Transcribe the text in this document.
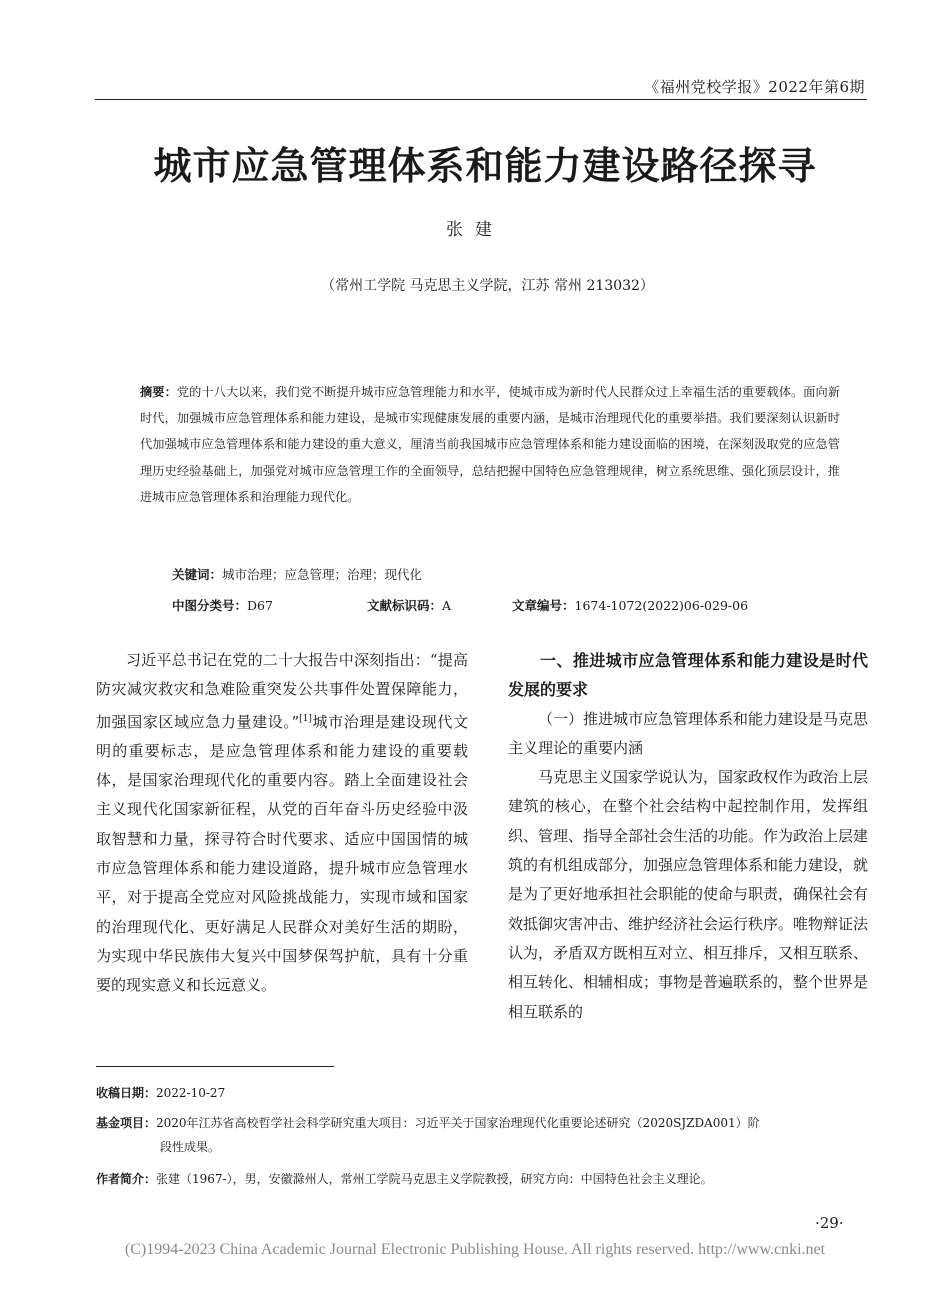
《福州党校学报》2022年第6期
城市应急管理体系和能力建设路径探寻
张建
（常州工学院 马克思主义学院，江苏 常州 213032）
摘要：党的十八大以来，我们党不断提升城市应急管理能力和水平，使城市成为新时代人民群众过上幸福生活的重要载体。面向新时代，加强城市应急管理体系和能力建设，是城市实现健康发展的重要内涵，是城市治理现代化的重要举措。我们要深刻认识新时代加强城市应急管理体系和能力建设的重大意义，厘清当前我国城市应急管理体系和能力建设面临的困境，在深刻汲取党的应急管理历史经验基础上，加强党对城市应急管理工作的全面领导，总结把握中国特色应急管理规律，树立系统思维、强化顶层设计，推进城市应急管理体系和治理能力现代化。
关键词：城市治理；应急管理；治理；现代化
中图分类号：D67	文献标识码：A	文章编号：1674-1072(2022)06-029-06

习近平总书记在党的二十大报告中深刻指出：“提高防灾减灾救灾和急难险重突发公共事件处置保障能力，加强国家区域应急力量建设。”[1]城市治理是建设现代文明的重要标志，是应急管理体系和能力建设的重要载体，是国家治理现代化的重要内容。踏上全面建设社会主义现代化国家新征程，从党的百年奋斗历史经验中汲取智慧和力量，探寻符合时代要求、适应中国国情的城市应急管理体系和能力建设道路，提升城市应急管理水平，对于提高全党应对风险挑战能力，实现市域和国家的治理现代化、更好满足人民群众对美好生活的期盼，为实现中华民族伟大复兴中国梦保驾护航，具有十分重要的现实意义和长远意义。

一、推进城市应急管理体系和能力建设是时代发展的要求

（一）推进城市应急管理体系和能力建设是马克思主义理论的重要内涵

马克思主义国家学说认为，国家政权作为政治上层建筑的核心，在整个社会结构中起控制作用，发挥组织、管理、指导全部社会生活的功能。作为政治上层建筑的有机组成部分，加强应急管理体系和能力建设，就是为了更好地承担社会职能的使命与职责，确保社会有效抵御灾害冲击、维护经济社会运行秩序。唯物辩证法认为，矛盾双方既相互对立、相互排斥，又相互联系、相互转化、相辅相成；事物是普遍联系的，整个世界是相互联系的

收稿日期：2022-10-27
基金项目：2020年江苏省高校哲学社会科学研究重大项目：习近平关于国家治理现代化重要论述研究（2020SJZDA001）阶
段性成果。
作者简介：张建（1967-），男，安徽滁州人，常州工学院马克思主义学院教授，研究方向：中国特色社会主义理论。
·29·
(C)1994-2023 China Academic Journal Electronic Publishing House. All rights reserved. http://www.cnki.net
